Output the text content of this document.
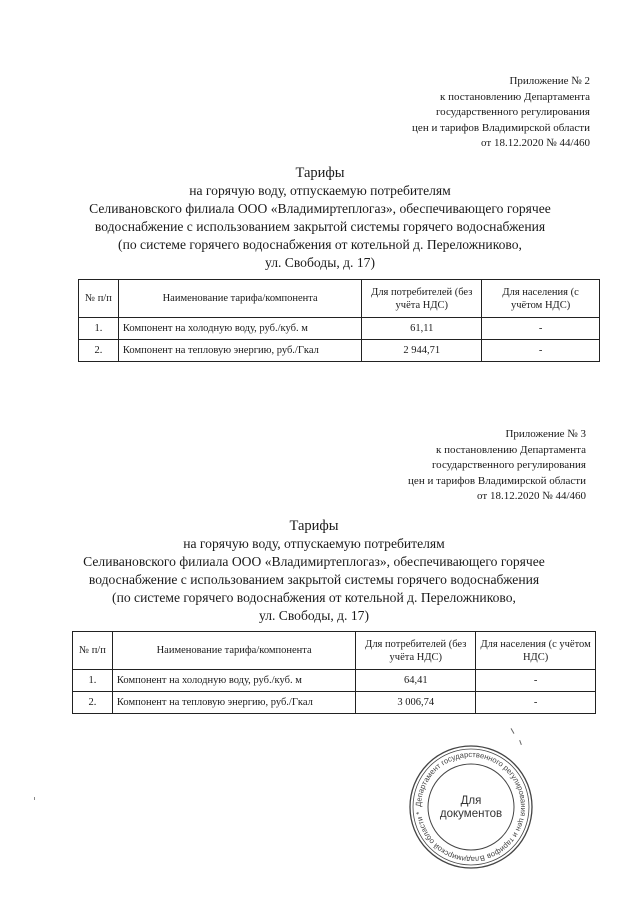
Приложение № 2
к постановлению Департамента
государственного регулирования
цен и тарифов Владимирской области
от 18.12.2020 № 44/460
Тарифы
на горячую воду, отпускаемую потребителям
Селивановского филиала ООО «Владимиртеплогаз», обеспечивающего горячее
водоснабжение с использованием закрытой системы горячего водоснабжения
(по системе горячего водоснабжения от котельной д. Переложниково,
ул. Свободы, д. 17)
№ п/п	Наименование тарифа/компонента	Для потребителей (без учёта НДС)	Для населения (с учётом НДС)
1.	Компонент на холодную воду, руб./куб. м	61,11	-
2.	Компонент на тепловую энергию, руб./Гкал	2 944,71	-
Приложение № 3
к постановлению Департамента
государственного регулирования
цен и тарифов Владимирской области
от 18.12.2020 № 44/460
Тарифы
на горячую воду, отпускаемую потребителям
Селивановского филиала ООО «Владимиртеплогаз», обеспечивающего горячее
водоснабжение с использованием закрытой системы горячего водоснабжения
(по системе горячего водоснабжения от котельной д. Переложниково,
ул. Свободы, д. 17)
№ п/п	Наименование тарифа/компонента	Для потребителей (без учёта НДС)	Для населения (с учётом НДС)
1.	Компонент на холодную воду, руб./куб. м	64,41	-
2.	Компонент на тепловую энергию, руб./Гкал	3 006,74	-
Департамент государственного регулирования цен и тарифов Владимирской области *
Для
документов
